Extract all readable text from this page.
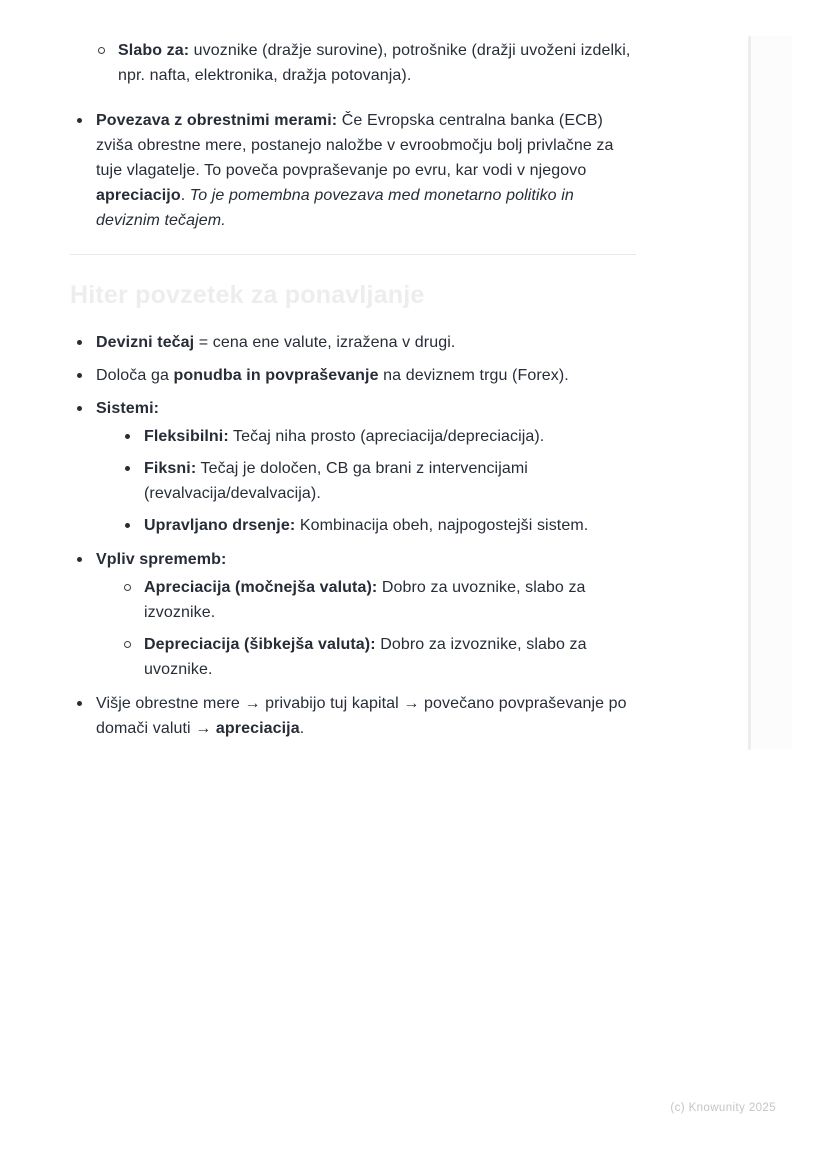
Slabo za: uvoznike (dražje surovine), potrošnike (dražji uvoženi izdelki, npr. nafta, elektronika, dražja potovanja).
Povezava z obrestnimi merami: Če Evropska centralna banka (ECB) zviša obrestne mere, postanejo naložbe v evroobmočju bolj privlačne za tuje vlagatelje. To poveča povpraševanje po evru, kar vodi v njegovo apreciacijo. To je pomembna povezava med monetarno politiko in deviznim tečajem.
Hiter povzetek za ponavljanje
Devizni tečaj = cena ene valute, izražena v drugi.
Določa ga ponudba in povpraševanje na deviznem trgu (Forex).
Sistemi:
Fleksibilni: Tečaj niha prosto (apreciacija/depreciacija).
Fiksni: Tečaj je določen, CB ga brani z intervencijami (revalvacija/devalvacija).
Upravljano drsenje: Kombinacija obeh, najpogostejši sistem.
Vpliv sprememb:
Apreciacija (močnejša valuta): Dobro za uvoznike, slabo za izvoznike.
Depreciacija (šibkejša valuta): Dobro za izvoznike, slabo za uvoznike.
Višje obrestne mere → privabijo tuj kapital → povečano povpraševanje po domači valuti → apreciacija.
(c) Knowunity 2025
